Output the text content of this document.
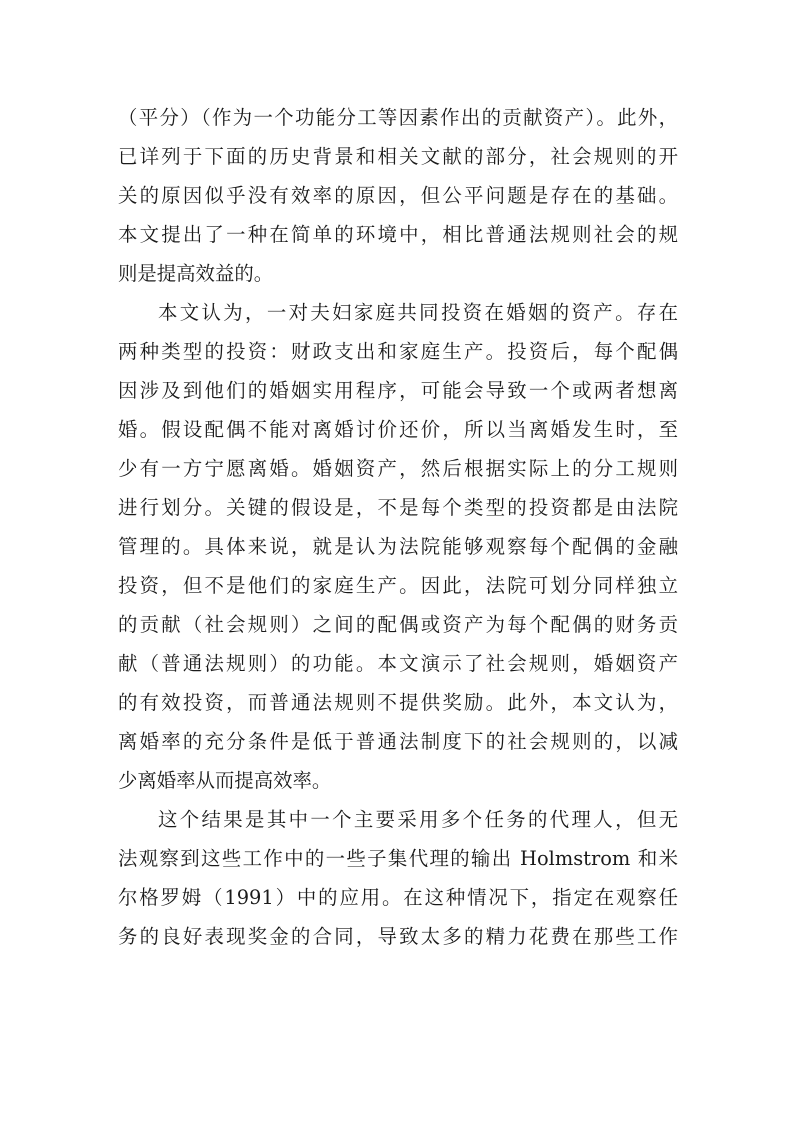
（平分）（作为一个功能分工等因素作出的贡献资产）。此外，
已详列于下面的历史背景和相关文献的部分，社会规则的开
关的原因似乎没有效率的原因，但公平问题是存在的基础。
本文提出了一种在简单的环境中，相比普通法规则社会的规
则是提高效益的。
本文认为，一对夫妇家庭共同投资在婚姻的资产。存在
两种类型的投资：财政支出和家庭生产。投资后，每个配偶
因涉及到他们的婚姻实用程序，可能会导致一个或两者想离
婚。假设配偶不能对离婚讨价还价，所以当离婚发生时，至
少有一方宁愿离婚。婚姻资产，然后根据实际上的分工规则
进行划分。关键的假设是，不是每个类型的投资都是由法院
管理的。具体来说，就是认为法院能够观察每个配偶的金融
投资，但不是他们的家庭生产。因此，法院可划分同样独立
的贡献（社会规则）之间的配偶或资产为每个配偶的财务贡
献（普通法规则）的功能。本文演示了社会规则，婚姻资产
的有效投资，而普通法规则不提供奖励。此外，本文认为，
离婚率的充分条件是低于普通法制度下的社会规则的，以减
少离婚率从而提高效率。
这个结果是其中一个主要采用多个任务的代理人，但无
法观察到这些工作中的一些子集代理的输出 Holmstrom 和米
尔格罗姆（1991）中的应用。在这种情况下，指定在观察任
务的良好表现奖金的合同，导致太多的精力花费在那些工作
